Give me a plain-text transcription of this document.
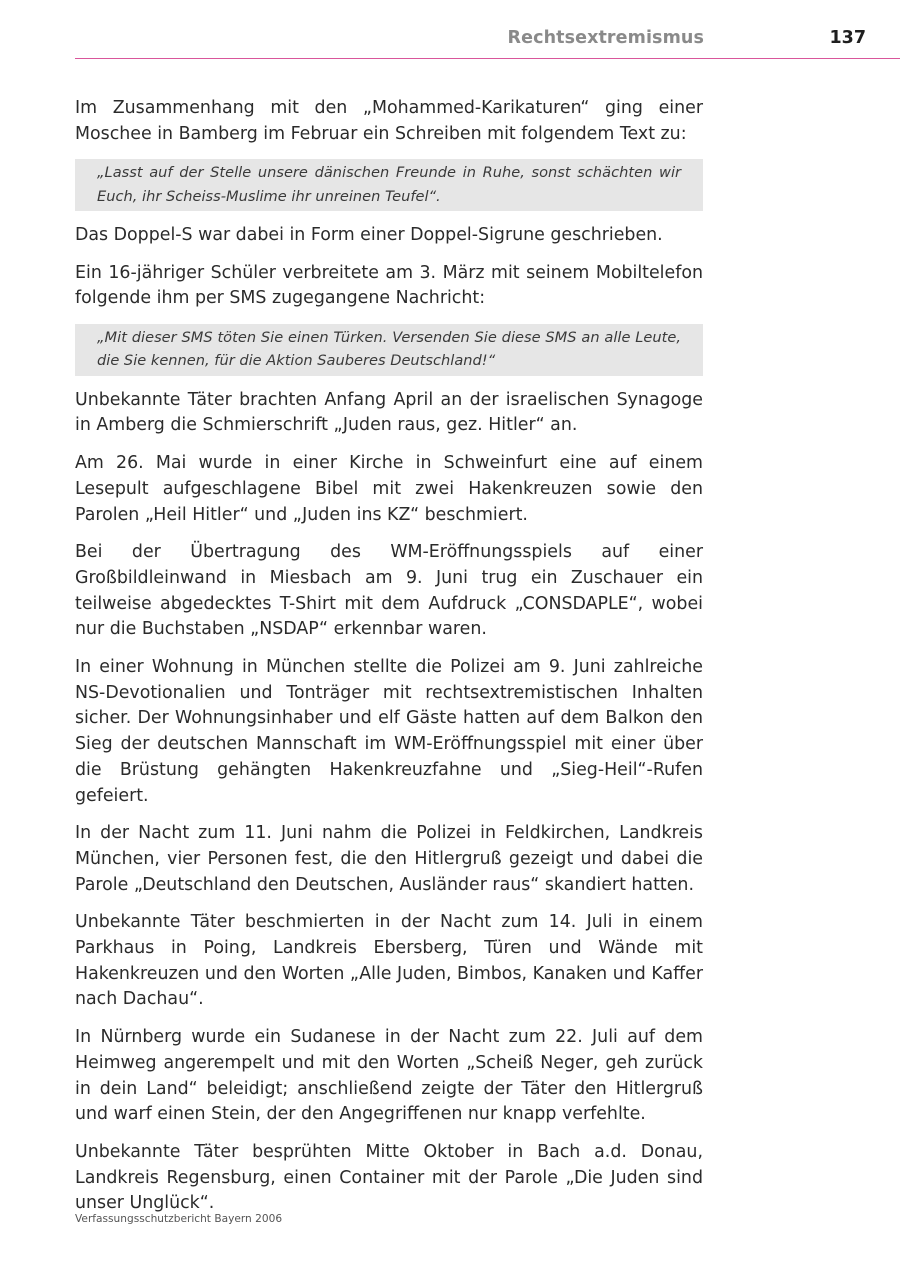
Rechtsextremismus	137

Im Zusammenhang mit den „Mohammed-Karikaturen“ ging einer Moschee in Bamberg im Februar ein Schreiben mit folgendem Text zu:

„Lasst auf der Stelle unsere dänischen Freunde in Ruhe, sonst schächten wir Euch, ihr Scheiss-Muslime ihr unreinen Teufel“.

Das Doppel-S war dabei in Form einer Doppel-Sigrune geschrieben.

Ein 16-jähriger Schüler verbreitete am 3. März mit seinem Mobiltelefon folgende ihm per SMS zugegangene Nachricht:

„Mit dieser SMS töten Sie einen Türken. Versenden Sie diese SMS an alle Leute, die Sie kennen, für die Aktion Sauberes Deutschland!“

Unbekannte Täter brachten Anfang April an der israelischen Synagoge in Amberg die Schmierschrift „Juden raus, gez. Hitler“ an.

Am 26. Mai wurde in einer Kirche in Schweinfurt eine auf einem Lesepult aufgeschlagene Bibel mit zwei Hakenkreuzen sowie den Parolen „Heil Hitler“ und „Juden ins KZ“ beschmiert.

Bei der Übertragung des WM-Eröffnungsspiels auf einer Großbildleinwand in Miesbach am 9. Juni trug ein Zuschauer ein teilweise abgedecktes T-Shirt mit dem Aufdruck „CONSDAPLE“, wobei nur die Buchstaben „NSDAP“ erkennbar waren.

In einer Wohnung in München stellte die Polizei am 9. Juni zahlreiche NS-Devotionalien und Tonträger mit rechtsextremistischen Inhalten sicher. Der Wohnungsinhaber und elf Gäste hatten auf dem Balkon den Sieg der deutschen Mannschaft im WM-Eröffnungsspiel mit einer über die Brüstung gehängten Hakenkreuzfahne und „Sieg-Heil“-Rufen gefeiert.

In der Nacht zum 11. Juni nahm die Polizei in Feldkirchen, Landkreis München, vier Personen fest, die den Hitlergruß gezeigt und dabei die Parole „Deutschland den Deutschen, Ausländer raus“ skandiert hatten.

Unbekannte Täter beschmierten in der Nacht zum 14. Juli in einem Parkhaus in Poing, Landkreis Ebersberg, Türen und Wände mit Hakenkreuzen und den Worten „Alle Juden, Bimbos, Kanaken und Kaffer nach Dachau“.

In Nürnberg wurde ein Sudanese in der Nacht zum 22. Juli auf dem Heimweg angerempelt und mit den Worten „Scheiß Neger, geh zurück in dein Land“ beleidigt; anschließend zeigte der Täter den Hitlergruß und warf einen Stein, der den Angegriffenen nur knapp verfehlte.

Unbekannte Täter besprühten Mitte Oktober in Bach a.d. Donau, Landkreis Regensburg, einen Container mit der Parole „Die Juden sind unser Unglück“.

Verfassungsschutzbericht Bayern 2006
